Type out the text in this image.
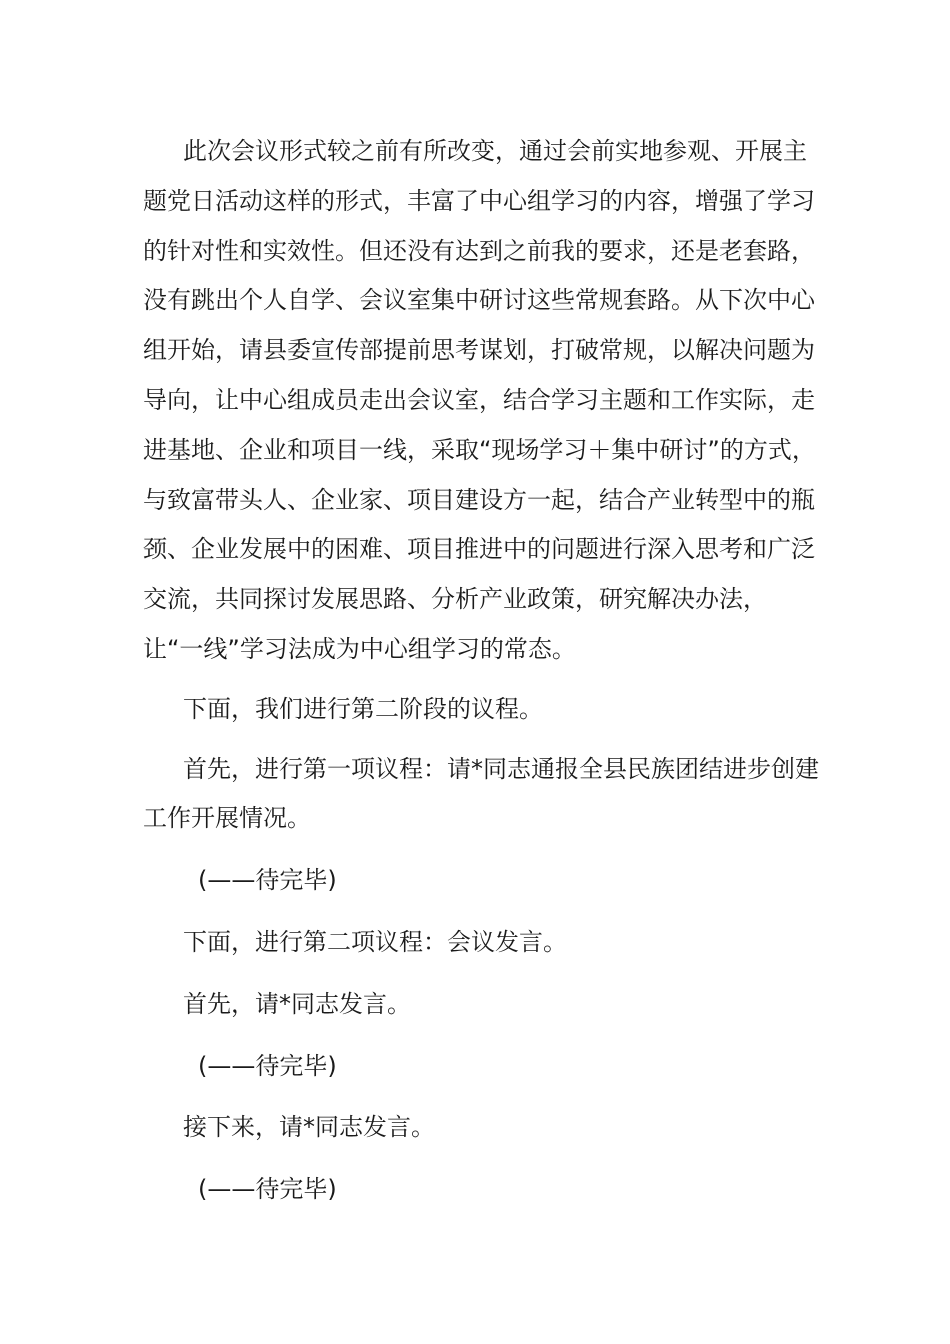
此次会议形式较之前有所改变，通过会前实地参观、开展主题党日活动这样的形式，丰富了中心组学习的内容，增强了学习的针对性和实效性。但还没有达到之前我的要求，还是老套路，没有跳出个人自学、会议室集中研讨这些常规套路。从下次中心组开始，请县委宣传部提前思考谋划，打破常规，以解决问题为导向，让中心组成员走出会议室，结合学习主题和工作实际，走进基地、企业和项目一线，采取“现场学习＋集中研讨”的方式，与致富带头人、企业家、项目建设方一起，结合产业转型中的瓶颈、企业发展中的困难、项目推进中的问题进行深入思考和广泛交流，共同探讨发展思路、分析产业政策，研究解决办法，让“一线”学习法成为中心组学习的常态。

下面，我们进行第二阶段的议程。

首先，进行第一项议程：请*同志通报全县民族团结进步创建工作开展情况。

(——待完毕)

下面，进行第二项议程：会议发言。

首先，请*同志发言。

(——待完毕)

接下来，请*同志发言。

(——待完毕)
